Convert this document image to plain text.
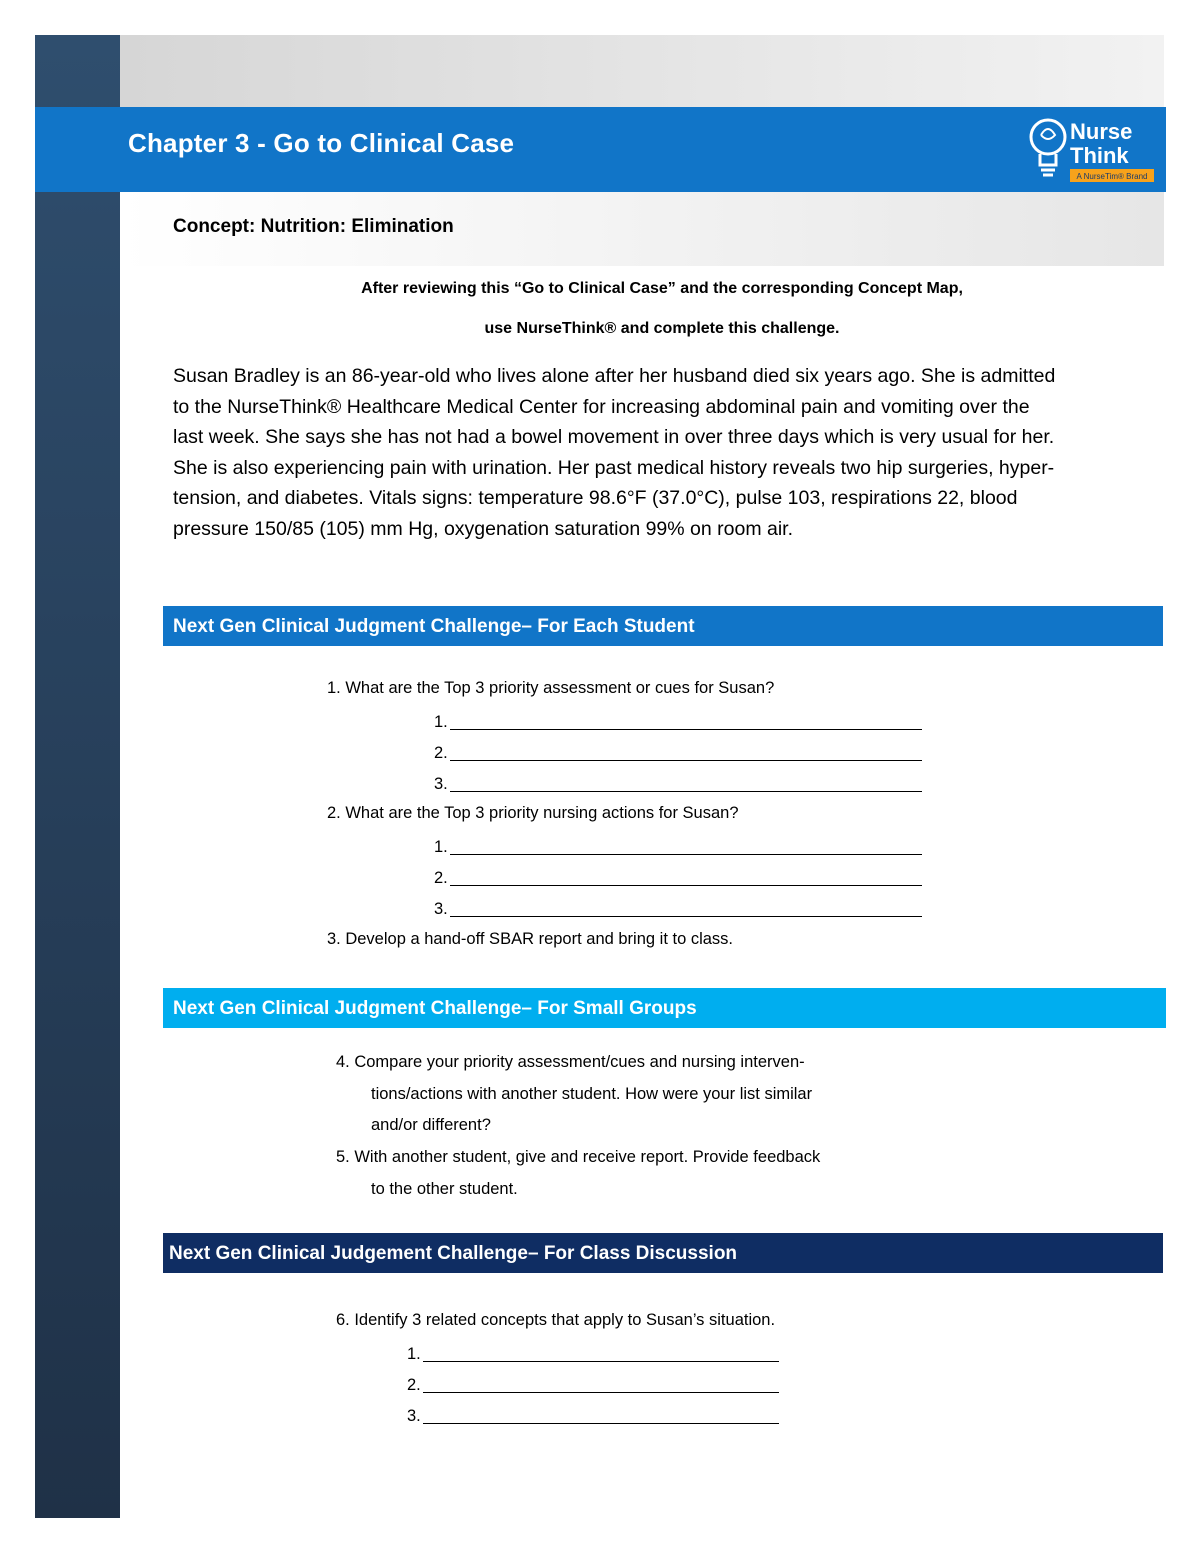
Chapter 3 - Go to Clinical Case	Nurse
Think
A NurseTim® Brand
Concept: Nutrition: Elimination
After reviewing this “Go to Clinical Case” and the corresponding Concept Map,
use NurseThink® and complete this challenge.

Susan Bradley is an 86-year-old who lives alone after her husband died six years ago. She is admitted
to the NurseThink® Healthcare Medical Center for increasing abdominal pain and vomiting over the
last week. She says she has not had a bowel movement in over three days which is very usual for her.
She is also experiencing pain with urination. Her past medical history reveals two hip surgeries, hyper-
tension, and diabetes. Vitals signs: temperature 98.6°F (37.0°C), pulse 103, respirations 22, blood
pressure 150/85 (105) mm Hg, oxygenation saturation 99% on room air.

Next Gen Clinical Judgment Challenge– For Each Student
1. What are the Top 3 priority assessment or cues for Susan?
1.
2.
3.
2. What are the Top 3 priority nursing actions for Susan?
1.
2.
3.
3. Develop a hand-off SBAR report and bring it to class.
Next Gen Clinical Judgment Challenge– For Small Groups
4. Compare your priority assessment/cues and nursing interven-
tions/actions with another student. How were your list similar
and/or different?
5. With another student, give and receive report. Provide feedback
to the other student.
Next Gen Clinical Judgement Challenge– For Class Discussion
6. Identify 3 related concepts that apply to Susan’s situation.
1.
2.
3.
